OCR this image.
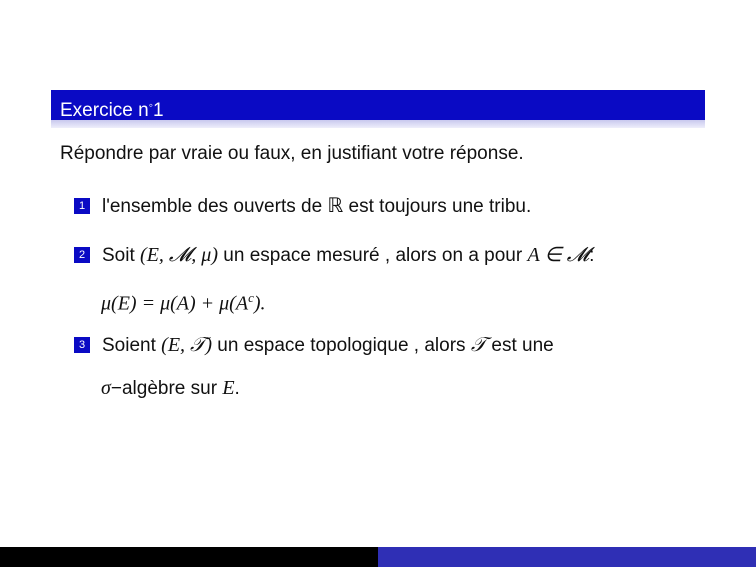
Exercice n◦1
Répondre par vraie ou faux, en justifiant votre réponse.
1 l'ensemble des ouverts de ℝ est toujours une tribu.
2 Soit (E, 𝓜, μ) un espace mesuré , alors on a pour A ∈ 𝓜:
$\mu(E) = \mu(A) + \mu(A^c)$.
3 Soient (E, 𝒯) un espace topologique , alors 𝒯 est une
σ−algèbre sur E.
